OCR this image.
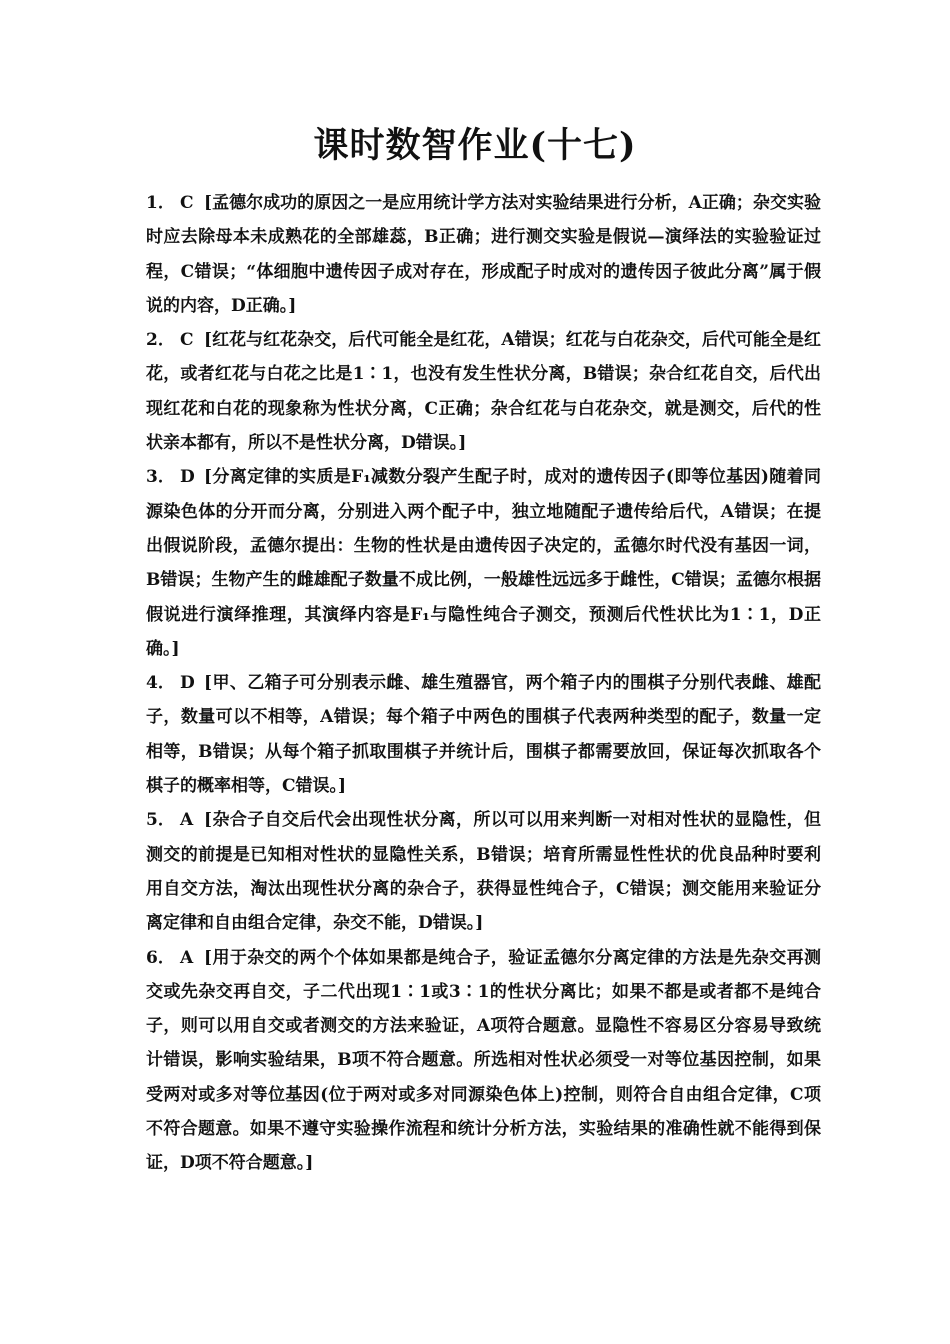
课时数智作业(十七)

1． C [孟德尔成功的原因之一是应用统计学方法对实验结果进行分析，A正确；杂交实验时应去除母本未成熟花的全部雄蕊，B正确；进行测交实验是假说—演绎法的实验验证过程，C错误；“体细胞中遗传因子成对存在，形成配子时成对的遗传因子彼此分离”属于假说的内容，D正确。]

2． C [红花与红花杂交，后代可能全是红花，A错误；红花与白花杂交，后代可能全是红花，或者红花与白花之比是1∶1，也没有发生性状分离，B错误；杂合红花自交，后代出现红花和白花的现象称为性状分离，C正确；杂合红花与白花杂交，就是测交，后代的性状亲本都有，所以不是性状分离，D错误。]

3． D [分离定律的实质是F₁减数分裂产生配子时，成对的遗传因子(即等位基因)随着同源染色体的分开而分离，分别进入两个配子中，独立地随配子遗传给后代，A错误；在提出假说阶段，孟德尔提出：生物的性状是由遗传因子决定的，孟德尔时代没有基因一词，B错误；生物产生的雌雄配子数量不成比例，一般雄性远远多于雌性，C错误；孟德尔根据假说进行演绎推理，其演绎内容是F₁与隐性纯合子测交，预测后代性状比为1∶1，D正确。]

4． D [甲、乙箱子可分别表示雌、雄生殖器官，两个箱子内的围棋子分别代表雌、雄配子，数量可以不相等，A错误；每个箱子中两色的围棋子代表两种类型的配子，数量一定相等，B错误；从每个箱子抓取围棋子并统计后，围棋子都需要放回，保证每次抓取各个棋子的概率相等，C错误。]

5． A [杂合子自交后代会出现性状分离，所以可以用来判断一对相对性状的显隐性，但测交的前提是已知相对性状的显隐性关系，B错误；培育所需显性性状的优良品种时要利用自交方法，淘汰出现性状分离的杂合子，获得显性纯合子，C错误；测交能用来验证分离定律和自由组合定律，杂交不能，D错误。]

6． A [用于杂交的两个个体如果都是纯合子，验证孟德尔分离定律的方法是先杂交再测交或先杂交再自交，子二代出现1∶1或3∶1的性状分离比；如果不都是或者都不是纯合子，则可以用自交或者测交的方法来验证，A项符合题意。显隐性不容易区分容易导致统计错误，影响实验结果，B项不符合题意。所选相对性状必须受一对等位基因控制，如果受两对或多对等位基因(位于两对或多对同源染色体上)控制，则符合自由组合定律，C项不符合题意。如果不遵守实验操作流程和统计分析方法，实验结果的准确性就不能得到保证，D项不符合题意。]
